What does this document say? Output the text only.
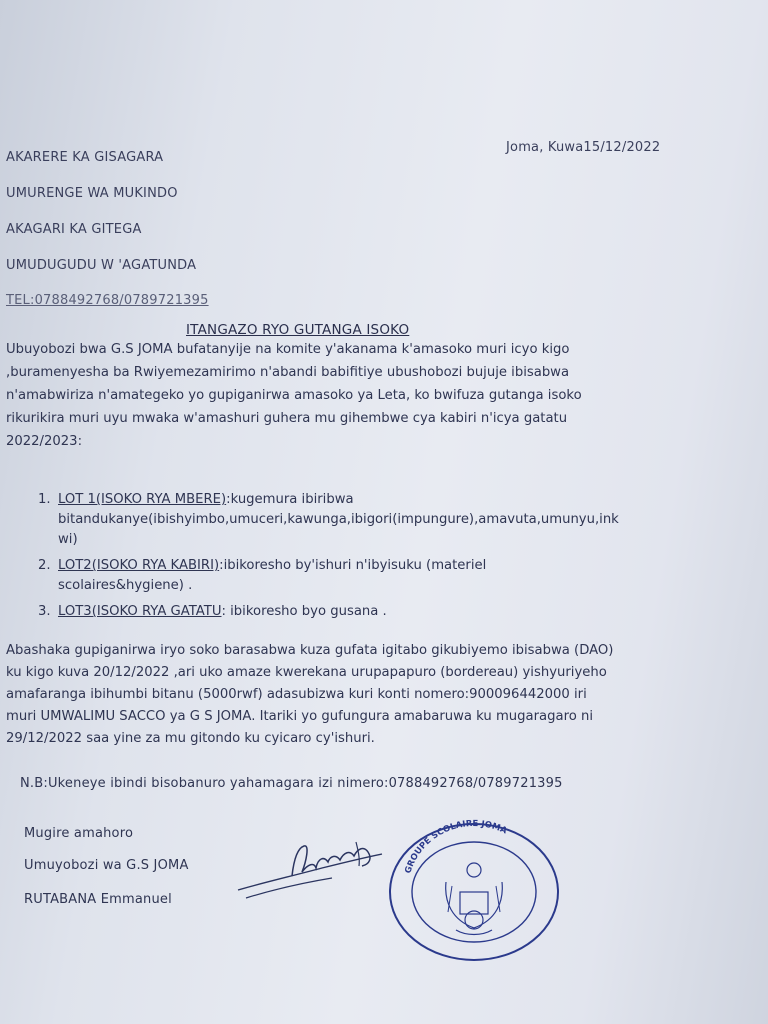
AKARERE KA GISAGARA
UMURENGE WA MUKINDO
AKAGARI KA GITEGA
UMUDUGUDU W 'AGATUNDA
TEL:0788492768/0789721395
Joma, Kuwa15/12/2022
ITANGAZO RYO GUTANGA ISOKO
Ubuyobozi bwa G.S JOMA bufatanyije na komite y'akanama k'amasoko muri icyo kigo
,buramenyesha ba Rwiyemezamirimo n'abandi babifitiye ubushobozi bujuje ibisabwa
n'amabwiriza n'amategeko yo gupiganirwa amasoko ya Leta, ko bwifuza gutanga isoko
rikurikira muri uyu mwaka w'amashuri guhera mu gihembwe cya kabiri n'icya gatatu
2022/2023:
1. LOT 1(ISOKO RYA MBERE):kugemura ibiribwa
bitandukanye(ibishyimbo,umuceri,kawunga,ibigori(impungure),amavuta,umunyu,ink
wi)
2. LOT2(ISOKO RYA KABIRI):ibikoresho by'ishuri n'ibyisuku (materiel
scolaires&hygiene) .
3. LOT3(ISOKO RYA GATATU: ibikoresho byo gusana .
Abashaka gupiganirwa iryo soko barasabwa kuza gufata igitabo gikubiyemo ibisabwa (DAO)
ku kigo kuva 20/12/2022 ,ari uko amaze kwerekana urupapapuro (bordereau) yishyuriyeho
amafaranga ibihumbi bitanu (5000rwf) adasubizwa kuri konti nomero:900096442000 iri
muri UMWALIMU SACCO ya G S JOMA. Itariki yo gufungura amabaruwa ku mugaragaro ni
29/12/2022 saa yine za mu gitondo ku cyicaro cy'ishuri.
N.B:Ukeneye ibindi bisobanuro yahamagara izi nimero:0788492768/0789721395
Mugire amahoro
Umuyobozi wa G.S JOMA
RUTABANA Emmanuel
GROUPE SCOLAIRE JOMA
